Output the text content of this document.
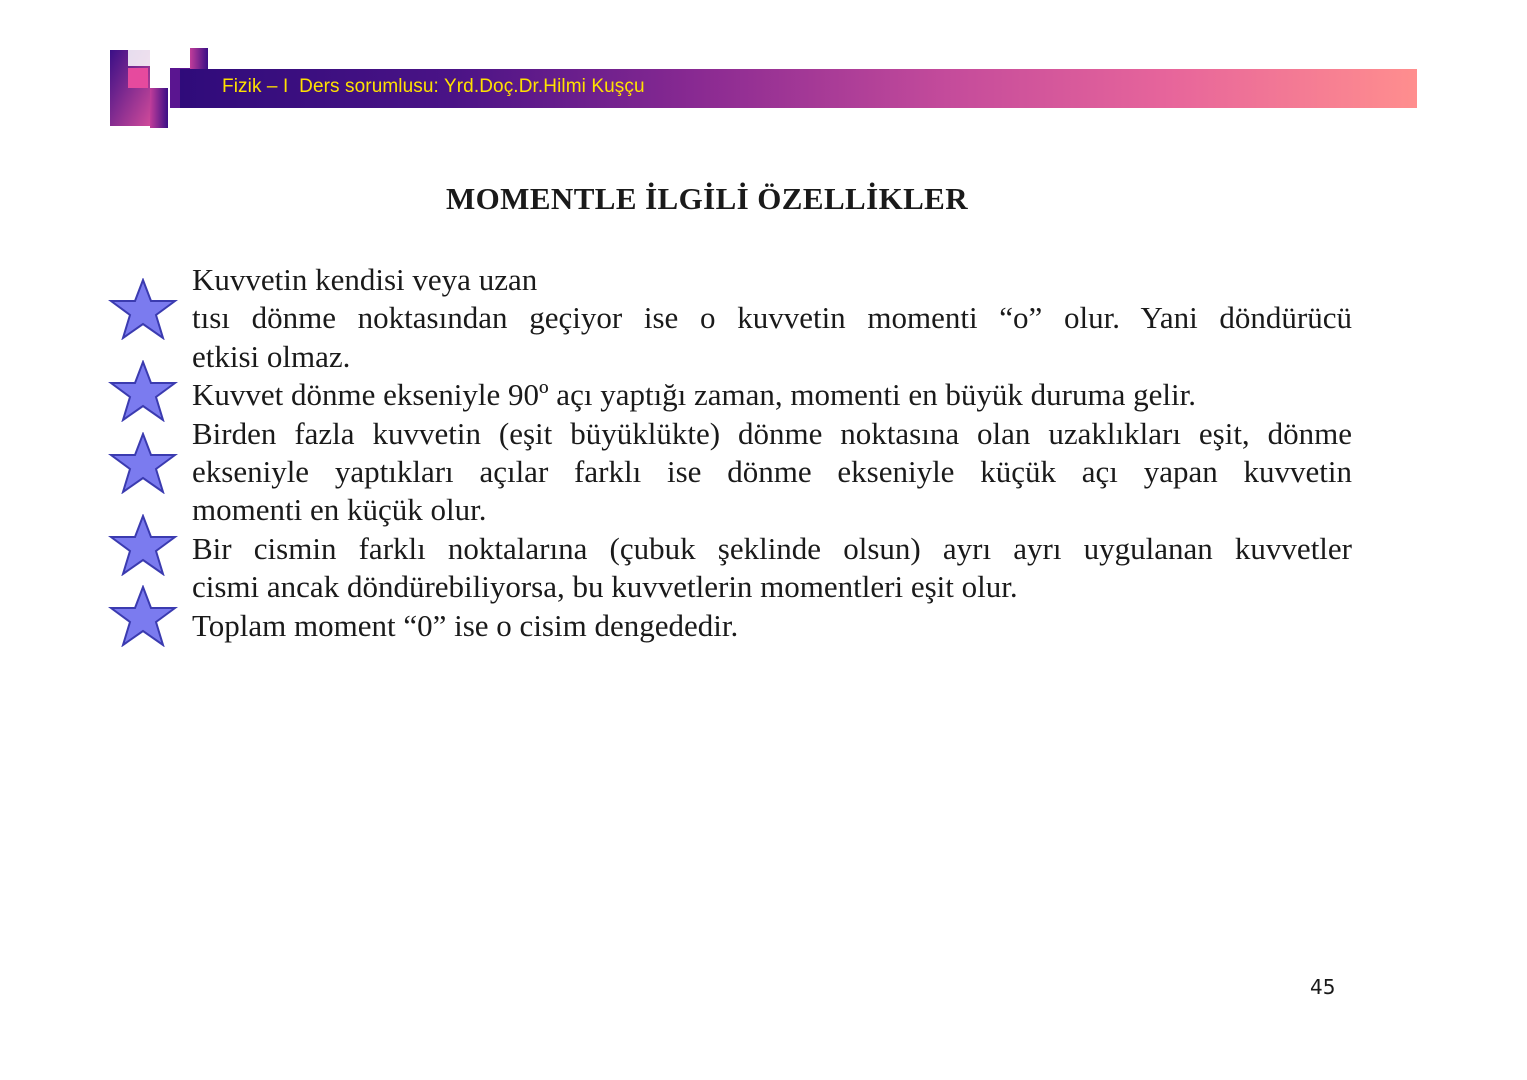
Fizik – I Ders sorumlusu: Yrd.Doç.Dr.Hilmi Kuşçu
MOMENTLE İLGİLİ ÖZELLİKLER

Kuvvetin kendisi veya uzan

tısı dönme noktasından geçiyor ise o kuvvetin momenti “o” olur. Yani döndürücü

etkisi olmaz.

Kuvvet dönme ekseniyle 90º açı yaptığı zaman, momenti en büyük duruma gelir.

Birden fazla kuvvetin (eşit büyüklükte) dönme noktasına olan uzaklıkları eşit, dönme

ekseniyle yaptıkları açılar farklı ise dönme ekseniyle küçük açı yapan kuvvetin

momenti en küçük olur.

Bir cismin farklı noktalarına (çubuk şeklinde olsun) ayrı ayrı uygulanan kuvvetler

cismi ancak döndürebiliyorsa, bu kuvvetlerin momentleri eşit olur.

Toplam moment “0” ise o cisim dengededir.

45
